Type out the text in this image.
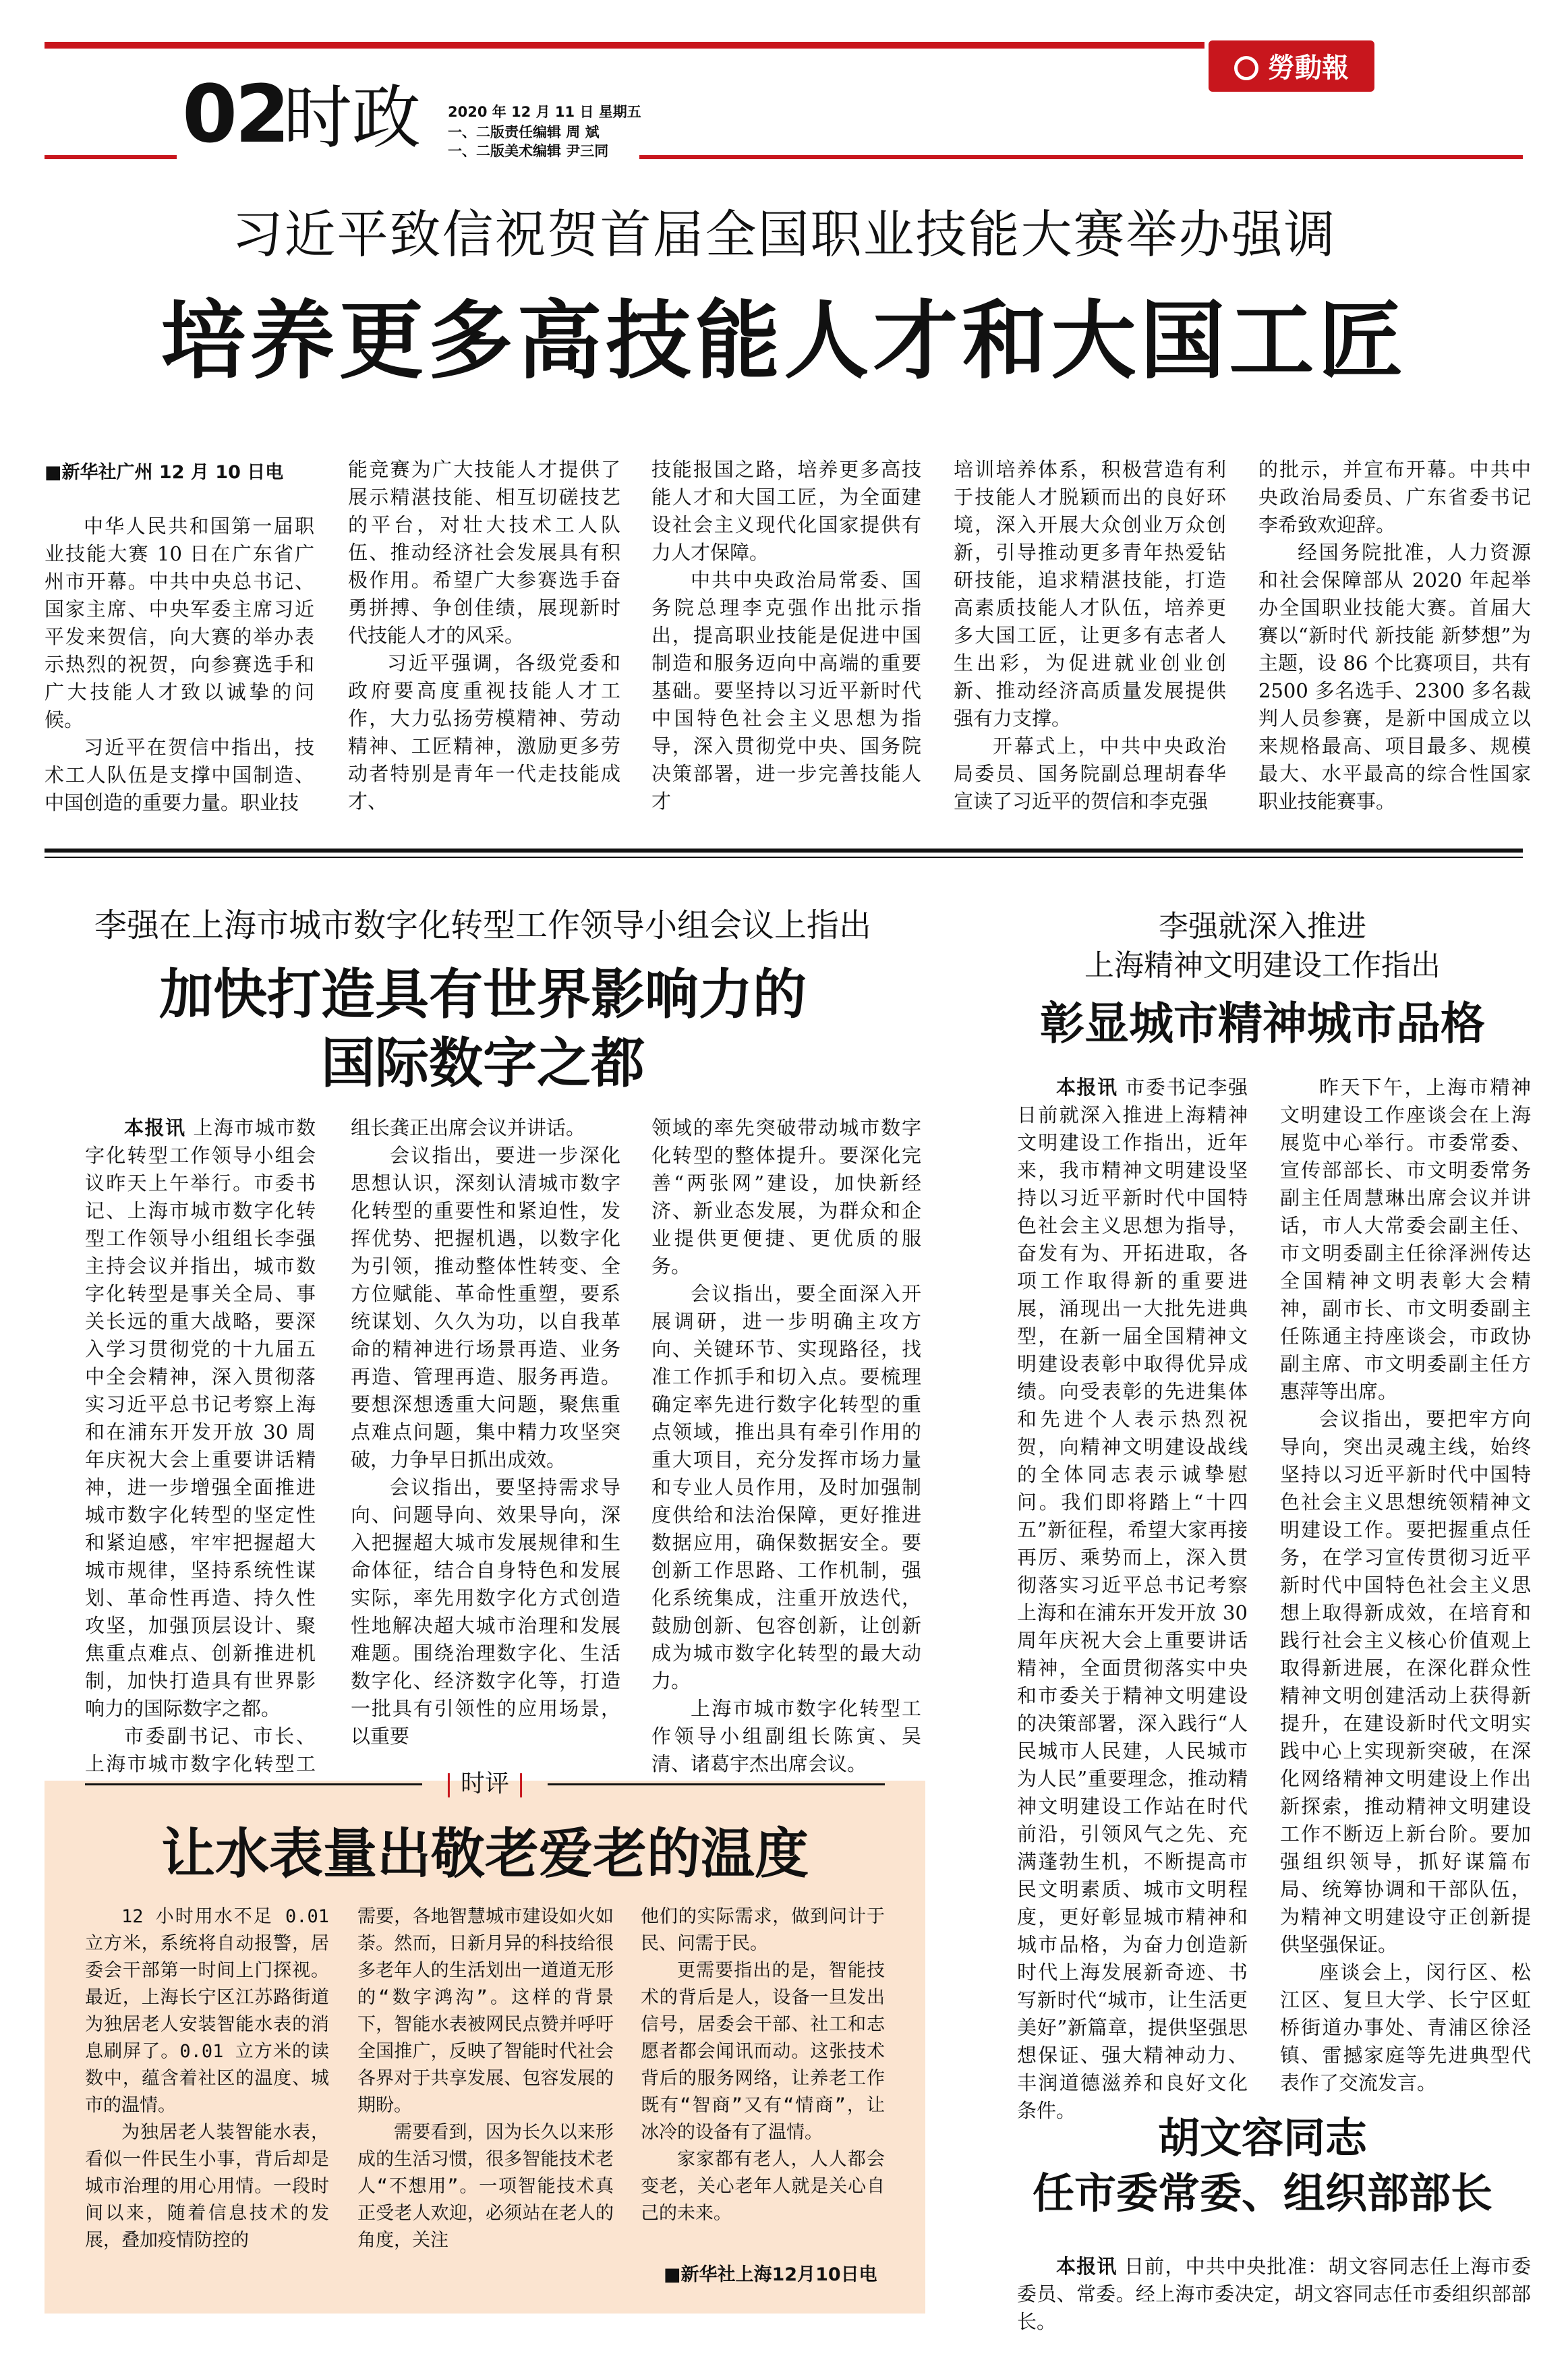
勞動報
02
时政 2020 年 12 月 11 日 星期五
一、二版责任编辑 周 斌
一、二版美术编辑 尹三同
习近平致信祝贺首届全国职业技能大赛举办强调
培养更多高技能人才和大国工匠
■新华社广州 12 月 10 日电

中华人民共和国第一届职业技能大赛 10 日在广东省广州市开幕。中共中央总书记、国家主席、中央军委主席习近平发来贺信，向大赛的举办表示热烈的祝贺，向参赛选手和广大技能人才致以诚挚的问候。

习近平在贺信中指出，技术工人队伍是支撑中国制造、中国创造的重要力量。职业技

能竞赛为广大技能人才提供了展示精湛技能、相互切磋技艺的平台，对壮大技术工人队伍、推动经济社会发展具有积极作用。希望广大参赛选手奋勇拼搏、争创佳绩，展现新时代技能人才的风采。

习近平强调，各级党委和政府要高度重视技能人才工作，大力弘扬劳模精神、劳动精神、工匠精神，激励更多劳动者特别是青年一代走技能成才、

技能报国之路，培养更多高技能人才和大国工匠，为全面建设社会主义现代化国家提供有力人才保障。

中共中央政治局常委、国务院总理李克强作出批示指出，提高职业技能是促进中国制造和服务迈向中高端的重要基础。要坚持以习近平新时代中国特色社会主义思想为指导，深入贯彻党中央、国务院决策部署，进一步完善技能人才

培训培养体系，积极营造有利于技能人才脱颖而出的良好环境，深入开展大众创业万众创新，引导推动更多青年热爱钻研技能，追求精湛技能，打造高素质技能人才队伍，培养更多大国工匠，让更多有志者人生出彩，为促进就业创业创新、推动经济高质量发展提供强有力支撑。

开幕式上，中共中央政治局委员、国务院副总理胡春华宣读了习近平的贺信和李克强

的批示，并宣布开幕。中共中央政治局委员、广东省委书记李希致欢迎辞。

经国务院批准，人力资源和社会保障部从 2020 年起举办全国职业技能大赛。首届大赛以“新时代 新技能 新梦想”为主题，设 86 个比赛项目，共有 2500 多名选手、2300 多名裁判人员参赛，是新中国成立以来规格最高、项目最多、规模最大、水平最高的综合性国家职业技能赛事。

李强在上海市城市数字化转型工作领导小组会议上指出
加快打造具有世界影响力的
国际数字之都

本报讯 上海市城市数字化转型工作领导小组会议昨天上午举行。市委书记、上海市城市数字化转型工作领导小组组长李强主持会议并指出，城市数字化转型是事关全局、事关长远的重大战略，要深入学习贯彻党的十九届五中全会精神，深入贯彻落实习近平总书记考察上海和在浦东开发开放 30 周年庆祝大会上重要讲话精神，进一步增强全面推进城市数字化转型的坚定性和紧迫感，牢牢把握超大城市规律，坚持系统性谋划、革命性再造、持久性攻坚，加强顶层设计、聚焦重点难点、创新推进机制，加快打造具有世界影响力的国际数字之都。

市委副书记、市长、上海市城市数字化转型工

组长龚正出席会议并讲话。

会议指出，要进一步深化思想认识，深刻认清城市数字化转型的重要性和紧迫性，发挥优势、把握机遇，以数字化为引领，推动整体性转变、全方位赋能、革命性重塑，要系统谋划、久久为功，以自我革命的精神进行场景再造、业务再造、管理再造、服务再造。要想深想透重大问题，聚焦重点难点问题，集中精力攻坚突破，力争早日抓出成效。

会议指出，要坚持需求导向、问题导向、效果导向，深入把握超大城市发展规律和生命体征，结合自身特色和发展实际，率先用数字化方式创造性地解决超大城市治理和发展难题。围绕治理数字化、生活数字化、经济数字化等，打造一批具有引领性的应用场景，以重要

领域的率先突破带动城市数字化转型的整体提升。要深化完善“两张网”建设，加快新经济、新业态发展，为群众和企业提供更便捷、更优质的服务。

会议指出，要全面深入开展调研，进一步明确主攻方向、关键环节、实现路径，找准工作抓手和切入点。要梳理确定率先进行数字化转型的重点领域，推出具有牵引作用的重大项目，充分发挥市场力量和专业人员作用，及时加强制度供给和法治保障，更好推进数据应用，确保数据安全。要创新工作思路、工作机制，强化系统集成，注重开放迭代，鼓励创新、包容创新，让创新成为城市数字化转型的最大动力。

上海市城市数字化转型工作领导小组副组长陈寅、吴清、诸葛宇杰出席会议。

李强就深入推进
上海精神文明建设工作指出
彰显城市精神城市品格

本报讯 市委书记李强日前就深入推进上海精神文明建设工作指出，近年来，我市精神文明建设坚持以习近平新时代中国特色社会主义思想为指导，奋发有为、开拓进取，各项工作取得新的重要进展，涌现出一大批先进典型，在新一届全国精神文明建设表彰中取得优异成绩。向受表彰的先进集体和先进个人表示热烈祝贺，向精神文明建设战线的全体同志表示诚挚慰问。我们即将踏上“十四五”新征程，希望大家再接再厉、乘势而上，深入贯彻落实习近平总书记考察上海和在浦东开发开放 30 周年庆祝大会上重要讲话精神，全面贯彻落实中央和市委关于精神文明建设的决策部署，深入践行“人民城市人民建，人民城市为人民”重要理念，推动精神文明建设工作站在时代前沿，引领风气之先、充满蓬勃生机，不断提高市民文明素质、城市文明程度，更好彰显城市精神和城市品格，为奋力创造新时代上海发展新奇迹、书写新时代“城市，让生活更美好”新篇章，提供坚强思想保证、强大精神动力、丰润道德滋养和良好文化条件。

昨天下午，上海市精神文明建设工作座谈会在上海展览中心举行。市委常委、宣传部部长、市文明委常务副主任周慧琳出席会议并讲话，市人大常委会副主任、市文明委副主任徐泽洲传达全国精神文明表彰大会精神，副市长、市文明委副主任陈通主持座谈会，市政协副主席、市文明委副主任方惠萍等出席。

会议指出，要把牢方向导向，突出灵魂主线，始终坚持以习近平新时代中国特色社会主义思想统领精神文明建设工作。要把握重点任务，在学习宣传贯彻习近平新时代中国特色社会主义思想上取得新成效，在培育和践行社会主义核心价值观上取得新进展，在深化群众性精神文明创建活动上获得新提升，在建设新时代文明实践中心上实现新突破，在深化网络精神文明建设上作出新探索，推动精神文明建设工作不断迈上新台阶。要加强组织领导，抓好谋篇布局、统筹协调和干部队伍，为精神文明建设守正创新提供坚强保证。

座谈会上，闵行区、松江区、复旦大学、长宁区虹桥街道办事处、青浦区徐泾镇、雷撼家庭等先进典型代表作了交流发言。

| 时评 |
让水表量出敬老爱老的温度

12 小时用水不足 0.01 立方米，系统将自动报警，居委会干部第一时间上门探视。最近，上海长宁区江苏路街道为独居老人安装智能水表的消息刷屏了。0.01 立方米的读数中，蕴含着社区的温度、城市的温情。

为独居老人装智能水表，看似一件民生小事，背后却是城市治理的用心用情。一段时间以来，随着信息技术的发展，叠加疫情防控的

需要，各地智慧城市建设如火如荼。然而，日新月异的科技给很多老年人的生活划出一道道无形的“数字鸿沟”。这样的背景下，智能水表被网民点赞并呼吁全国推广，反映了智能时代社会各界对于共享发展、包容发展的期盼。

需要看到，因为长久以来形成的生活习惯，很多智能技术老人“不想用”。一项智能技术真正受老人欢迎，必须站在老人的角度，关注

他们的实际需求，做到问计于民、问需于民。

更需要指出的是，智能技术的背后是人，设备一旦发出信号，居委会干部、社工和志愿者都会闻讯而动。这张技术背后的服务网络，让养老工作既有“智商”又有“情商”，让冰冷的设备有了温情。

家家都有老人，人人都会变老，关心老年人就是关心自己的未来。

■新华社上海12月10日电
胡文容同志
任市委常委、组织部部长

本报讯 日前，中共中央批准：胡文容同志任上海市委委员、常委。经上海市委决定，胡文容同志任市委组织部部长。
